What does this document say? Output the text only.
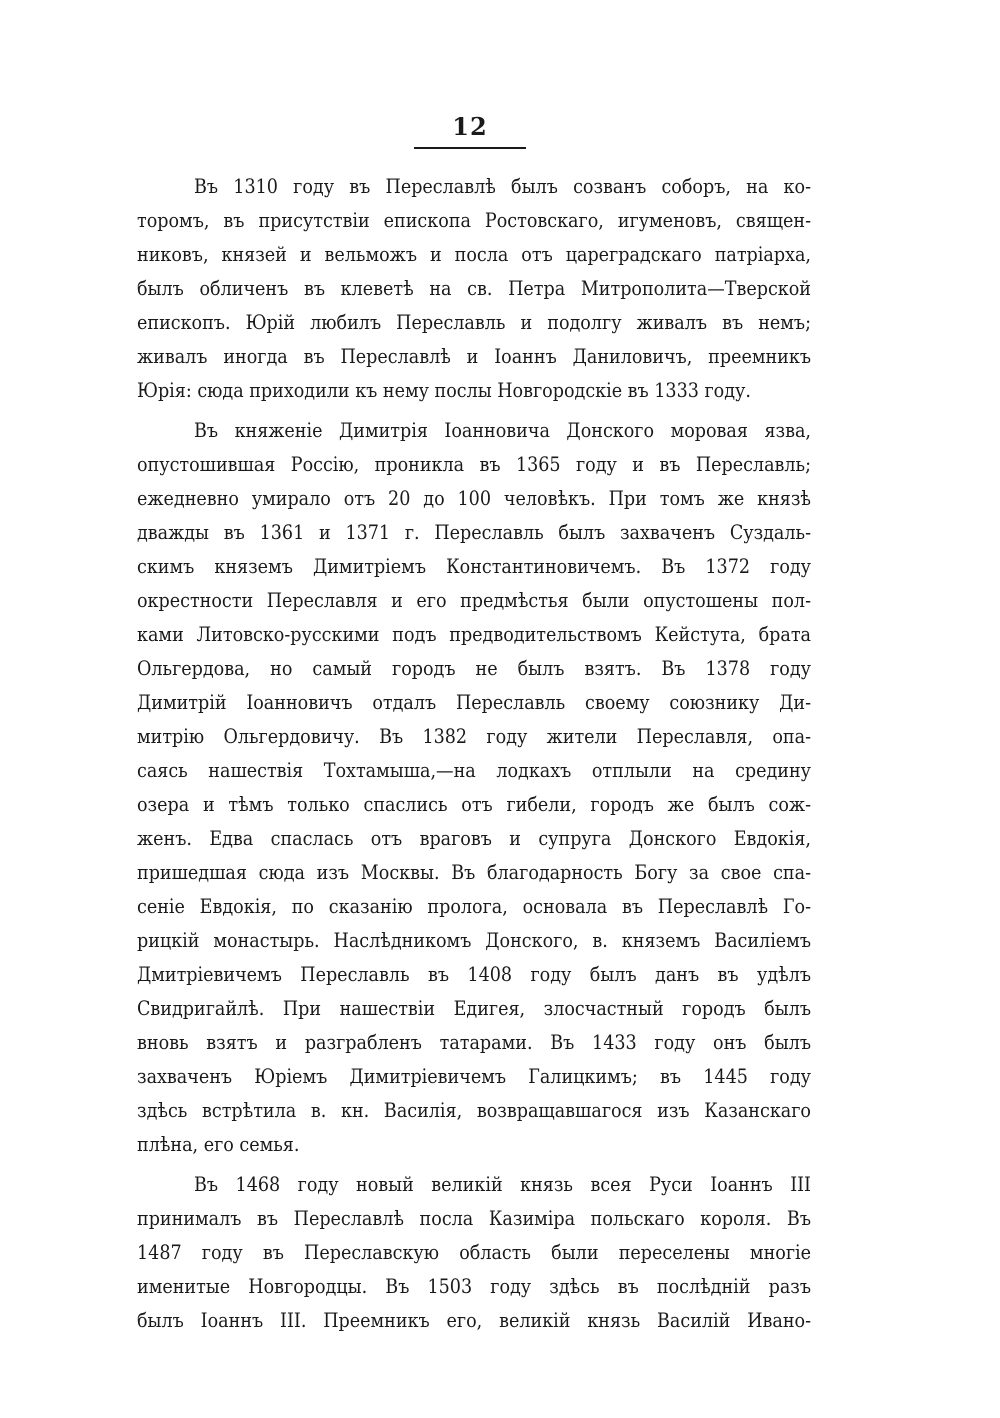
12
Въ 1310 году въ Переславлѣ былъ созванъ соборъ, на ко-
торомъ, въ присутствіи епископа Ростовскаго, игуменовъ, священ-
никовъ, князей и вельможъ и посла отъ цареградскаго патріарха,
былъ обличенъ въ клеветѣ на св. Петра Митрополита—Тверской
епископъ. Юрій любилъ Переславль и подолгу живалъ въ немъ;
живалъ иногда въ Переславлѣ и Іоаннъ Даниловичъ, преемникъ
Юрія: сюда приходили къ нему послы Новгородскіе въ 1333 году.
Въ княженіе Димитрія Іоанновича Донского моровая язва,
опустошившая Россію, проникла въ 1365 году и въ Переславль;
ежедневно умирало отъ 20 до 100 человѣкъ. При томъ же князѣ
дважды въ 1361 и 1371 г. Переславль былъ захваченъ Суздаль-
скимъ княземъ Димитріемъ Константиновичемъ. Въ 1372 году
окрестности Переславля и его предмѣстья были опустошены пол-
ками Литовско-русскими подъ предводительствомъ Кейстута, брата
Ольгердова, но самый городъ не былъ взятъ. Въ 1378 году
Димитрій Іоанновичъ отдалъ Переславль своему союзнику Ди-
митрію Ольгердовичу. Въ 1382 году жители Переславля, опа-
саясь нашествія Тохтамыша,—на лодкахъ отплыли на средину
озера и тѣмъ только спаслись отъ гибели, городъ же былъ сож-
женъ. Едва спаслась отъ враговъ и супруга Донского Евдокія,
пришедшая сюда изъ Москвы. Въ благодарность Богу за свое спа-
сеніе Евдокія, по сказанію пролога, основала въ Переславлѣ Го-
рицкій монастырь. Наслѣдникомъ Донского, в. княземъ Василіемъ
Дмитріевичемъ Переславль въ 1408 году былъ данъ въ удѣлъ
Свидригайлѣ. При нашествіи Едигея, злосчастный городъ былъ
вновь взятъ и разграбленъ татарами. Въ 1433 году онъ былъ
захваченъ Юріемъ Димитріевичемъ Галицкимъ; въ 1445 году
здѣсь встрѣтила в. кн. Василія, возвращавшагося изъ Казанскаго
плѣна, его семья.
Въ 1468 году новый великій князь всея Руси Іоаннъ III
принималъ въ Переславлѣ посла Казиміра польскаго короля. Въ
1487 году въ Переславскую область были переселены многіе
именитые Новгородцы. Въ 1503 году здѣсь въ послѣдній разъ
былъ Іоаннъ III. Преемникъ его, великій князь Василій Ивано-
